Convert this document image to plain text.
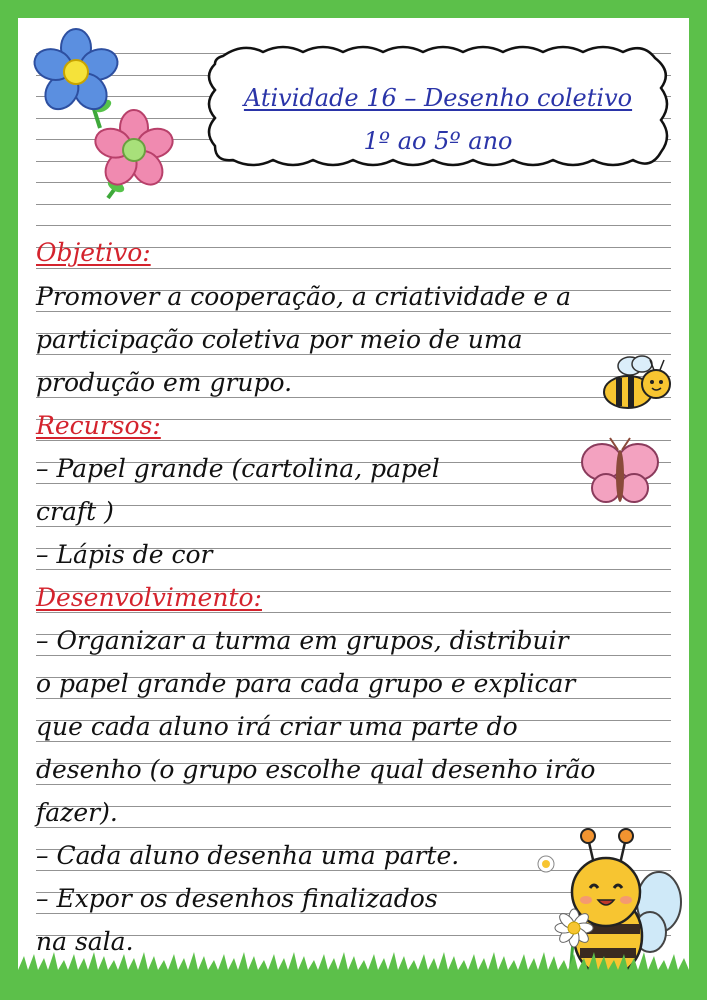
Atividade 16 – Desenho coletivo
1º ao 5º ano
Objetivo:
Promover a cooperação, a criatividade e a
participação coletiva por meio de uma
produção em grupo.
Recursos:
– Papel grande (cartolina, papel
craft )
– Lápis de cor
Desenvolvimento:
– Organizar a turma em grupos, distribuir
o papel grande para cada grupo e explicar
que cada aluno irá criar uma parte do
desenho (o grupo escolhe qual desenho irão
fazer).
– Cada aluno desenha uma parte.
– Expor os desenhos finalizados
na sala.
